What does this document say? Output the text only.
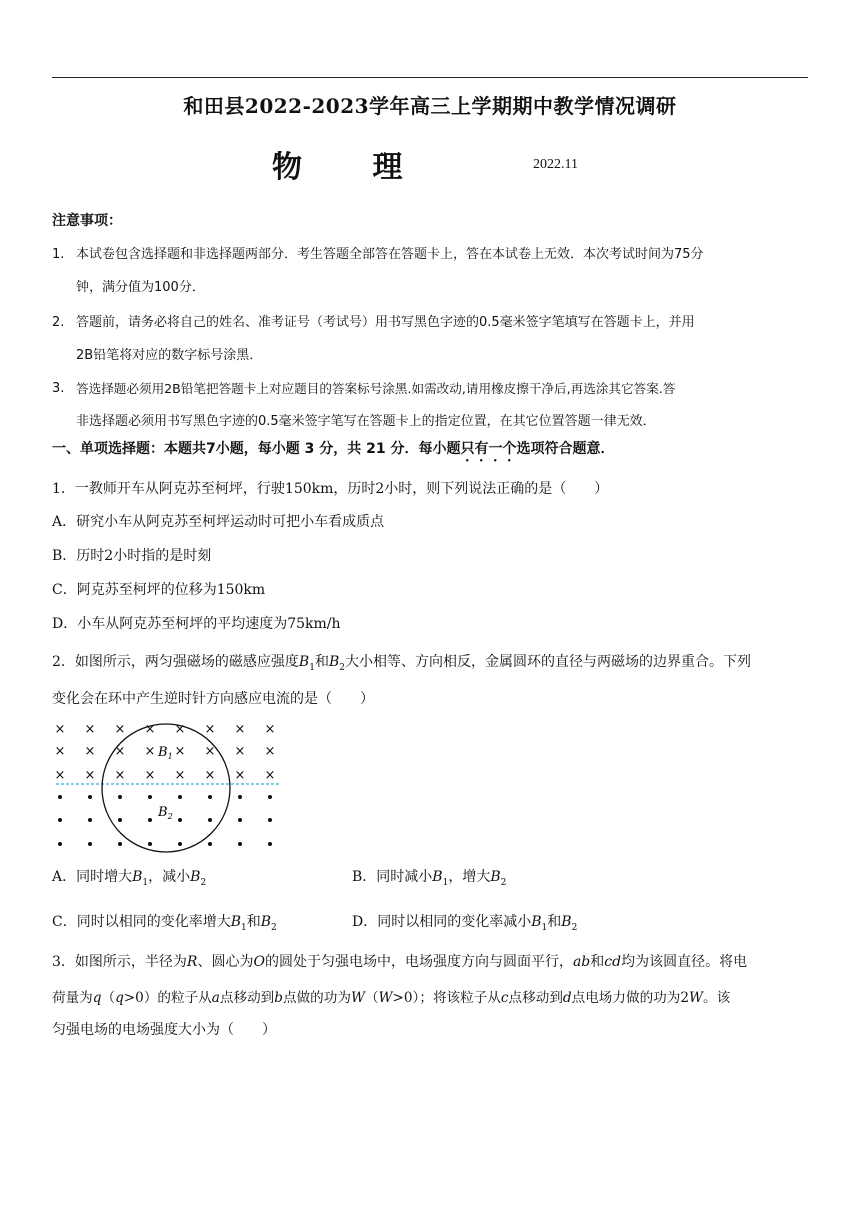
和田县2022-2023学年高三上学期期中教学情况调研
物 理	2022.11
注意事项：
1. 本试卷包含选择题和非选择题两部分．考生答题全部答在答题卡上，答在本试卷上无效．本次考试时间为75分
钟，满分值为100分．
2. 答题前，请务必将自己的姓名、准考证号（考试号）用书写黑色字迹的0.5毫米签字笔填写在答题卡上，并用
2B铅笔将对应的数字标号涂黑．
3. 答选择题必须用2B铅笔把答题卡上对应题目的答案标号涂黑.如需改动,请用橡皮擦干净后,再选涂其它答案.答
非选择题必须用书写黑色字迹的0.5毫米签字笔写在答题卡上的指定位置，在其它位置答题一律无效．
一、单项选择题：本题共7小题，每小题 3 分，共 21 分．每小题只有一个选项符合题意．
1．一教师开车从阿克苏至柯坪，行驶150km，历时2小时，则下列说法正确的是（　　）
A．研究小车从阿克苏至柯坪运动时可把小车看成质点
B．历时2小时指的是时刻
C．阿克苏至柯坪的位移为150km
D．小车从阿克苏至柯坪的平均速度为75km/h
2．如图所示，两匀强磁场的磁感应强度$B_1$和$B_2$大小相等、方向相反，金属圆环的直径与两磁场的边界重合。下列
变化会在环中产生逆时针方向感应电流的是（　　）
× × × × × × × ×
× × × × × × × ×
× × × × × × × ×
$B_1$
$B_2$
A．同时增大$B_1$，减小$B_2$	B．同时减小$B_1$，增大$B_2$
C．同时以相同的变化率增大$B_1$和$B_2$	D．同时以相同的变化率减小$B_1$和$B_2$
3．如图所示，半径为R、圆心为O的圆处于匀强电场中，电场强度方向与圆面平行，ab和cd均为该圆直径。将电
荷量为q（q>0）的粒子从a点移动到b点做的功为W（W>0）；将该粒子从c点移动到d点电场力做的功为2W。该
匀强电场的电场强度大小为（　　）
